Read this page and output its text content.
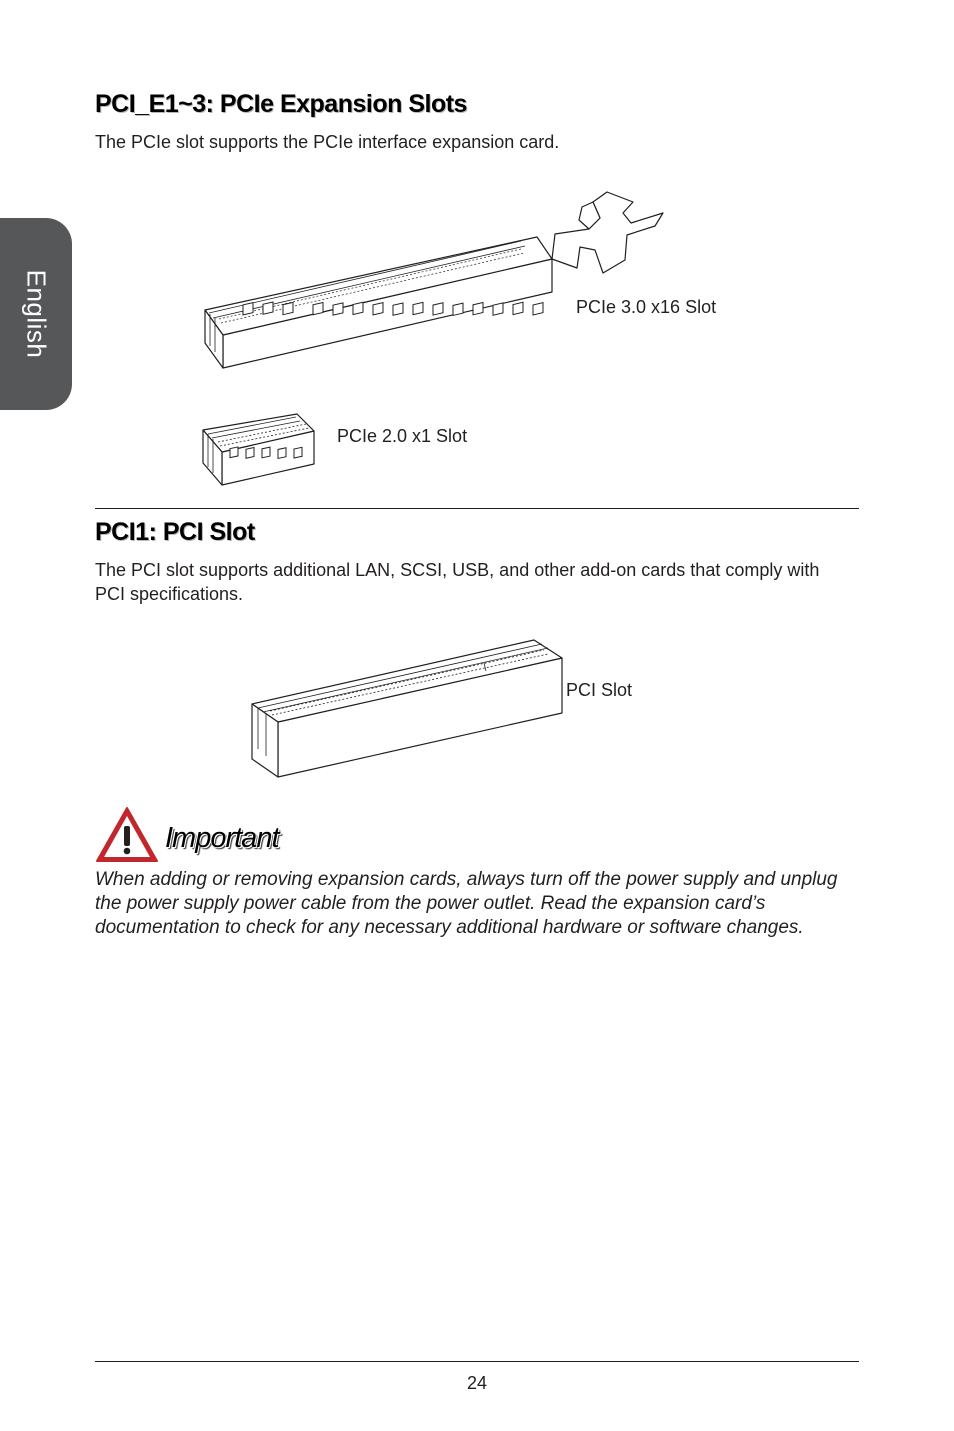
English
PCI_E1~3: PCIe Expansion Slots

The PCIe slot supports the PCIe interface expansion card.

PCIe 3.0 x16 Slot
PCIe 2.0 x1 Slot
PCI1: PCI Slot

The PCI slot supports additional LAN, SCSI, USB, and other add-on cards that comply with PCI specifications.

PCI Slot
Important

When adding or removing expansion cards, always turn off the power supply and unplug the power supply power cable from the power outlet. Read the expansion card’s documentation to check for any necessary additional hardware or software changes.

24
